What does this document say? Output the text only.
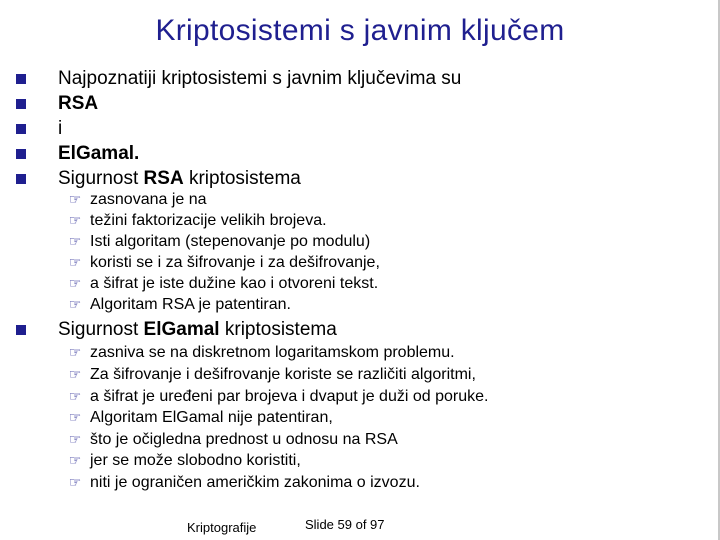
Kriptosistemi s javnim ključem
Najpoznatiji kriptosistemi s javnim ključevima su
RSA
i
ElGamal.
Sigurnost RSA kriptosistema
☞ zasnovana je na
☞ težini faktorizacije velikih brojeva.
☞ Isti algoritam (stepenovanje po modulu)
☞ koristi se i za šifrovanje i za dešifrovanje,
☞ a šifrat je iste dužine kao i otvoreni tekst.
☞ Algoritam RSA je patentiran.
Sigurnost ElGamal kriptosistema
☞ zasniva se na diskretnom logaritamskom problemu.
☞ Za šifrovanje i dešifrovanje koriste se različiti algoritmi,
☞ a šifrat je uređeni par brojeva i dvaput je duži od poruke.
☞ Algoritam ElGamal nije patentiran,
☞ što je očigledna prednost u odnosu na RSA
☞ jer se može slobodno koristiti,
☞ niti je ograničen američkim zakonima o izvozu.
Kriptografije	Slide 59 of 97
